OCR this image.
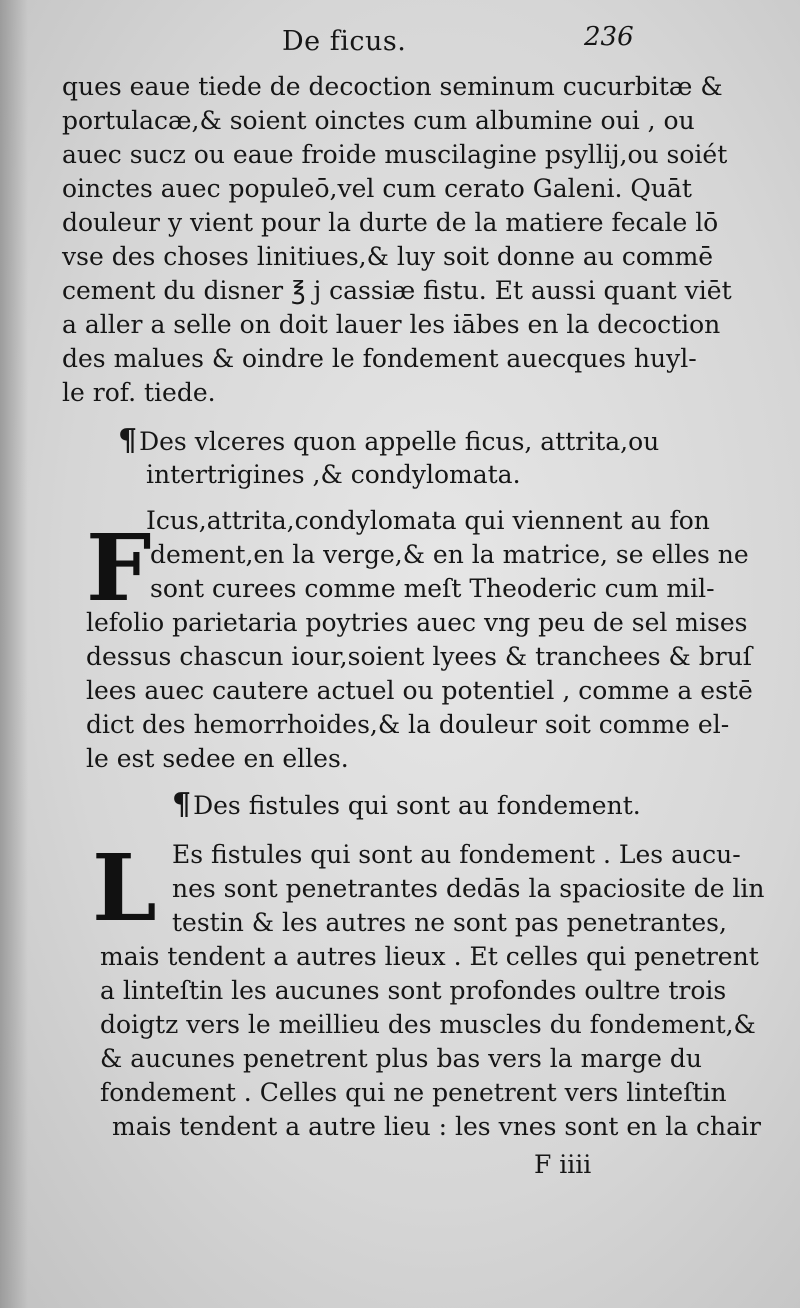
De ficus.	236
ques eaue tiede de decoction seminum cucurbitæ &
portulacæ,& soient oinctes cum albumine oui , ou
auec sucz ou eaue froide muscilagine psyllij,ou soiét
oinctes auec populeō,vel cum cerato Galeni. Quāt
douleur y vient pour la durte de la matiere fecale lō
vse des choses linitiues,& luy soit donne au commē
cement du disner ℥ j cassiæ fistu. Et aussi quant viēt
a aller a selle on doit lauer les iābes en la decoction
des malues & oindre le fondement auecques huyl-
le rof. tiede.
¶Des vlceres quon appelle ficus, attrita,ou
intertrigines ,& condylomata.
F
Icus,attrita,condylomata qui viennent au fon
dement,en la verge,& en la matrice, se elles ne
sont curees comme meſt Theoderic cum mil-
lefolio parietaria poytries auec vng peu de sel mises
dessus chascun iour,soient lyees & tranchees & bruſ
lees auec cautere actuel ou potentiel , comme a estē
dict des hemorrhoides,& la douleur soit comme el-
le est sedee en elles.
¶Des fistules qui sont au fondement.
L Es fistules qui sont au fondement . Les aucu-
nes sont penetrantes dedās la spaciosite de lin
testin & les autres ne sont pas penetrantes,
mais tendent a autres lieux . Et celles qui penetrent
a linteſtin les aucunes sont profondes oultre trois
doigtz vers le meillieu des muscles du fondement,&
& aucunes penetrent plus bas vers la marge du
fondement . Celles qui ne penetrent vers linteſtin
mais tendent a autre lieu : les vnes sont en la chair
F iiii
